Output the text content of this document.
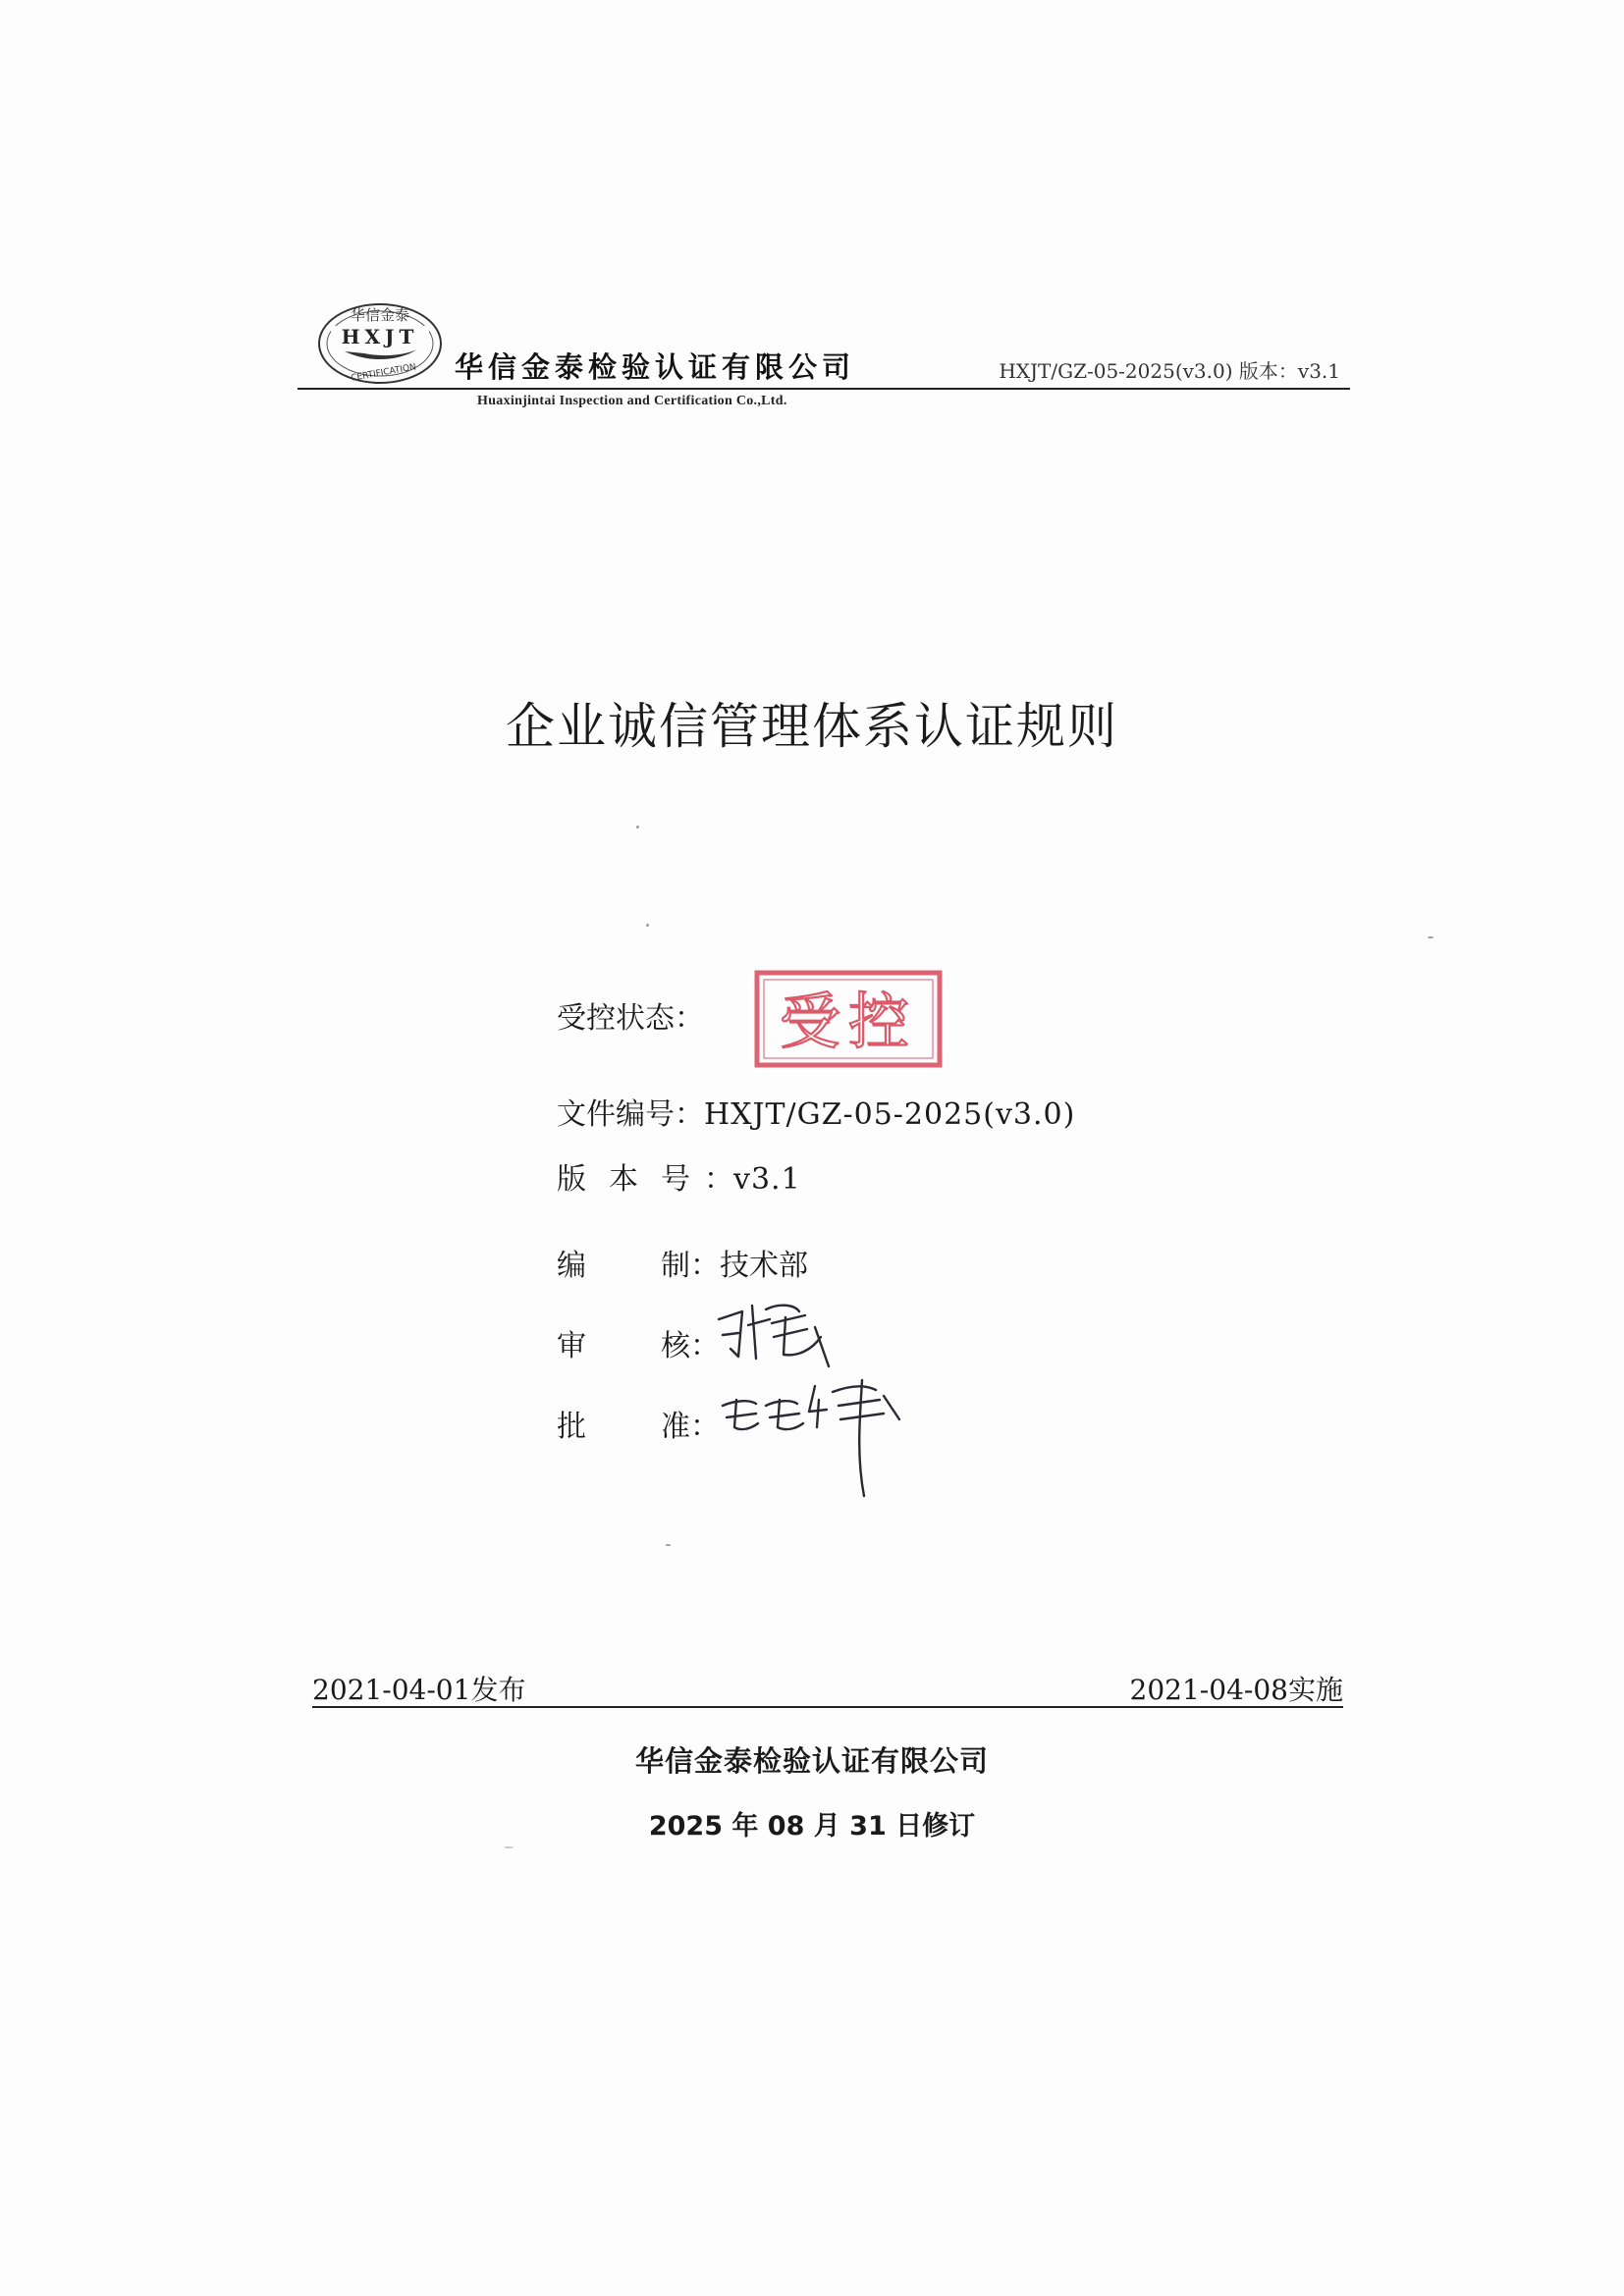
华信金泰
HXJT
CERTIFICATION 华信金泰检验认证有限公司	HXJT/GZ-05-2025(v3.0) 版本：v3.1
Huaxinjintai Inspection and Certification Co.,Ltd.
企业诚信管理体系认证规则
受控状态：	受控
文件编号：HXJT/GZ-05-2025(v3.0)
版 本 号 ：v3.1
编	制：技术部
审	核：
批	准：
2021-04-01发布	2021-04-08实施
华信金泰检验认证有限公司
2025 年 08 月 31 日修订
